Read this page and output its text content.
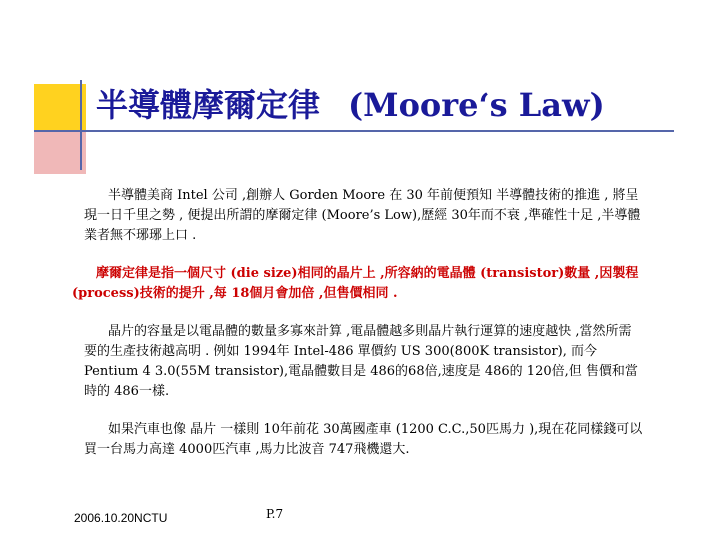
半導體摩爾定律 (Moore‘s Law)

半導體美商 Intel 公司 ,創辦人 Gorden Moore 在 30 年前便預知 半導體技術的推進 , 將呈現一日千里之勢 , 便提出所謂的摩爾定律 (Moore’s Low),歷經 30年而不衰 ,準確性十足 ,半導體業者無不琊琊上口 .

摩爾定律是指一個尺寸 (die size)相同的晶片上 ,所容納的電晶體 (transistor)數量 ,因製程 (process)技術的提升 ,每 18個月會加倍 ,但售價相同 .

晶片的容量是以電晶體的數量多寡來計算 ,電晶體越多則晶片執行運算的速度越快 ,當然所需要的生產技術越高明 . 例如 1994年 Intel-486 單價約 US 300(800K transistor), 而今 Pentium 4 3.0(55M transistor),電晶體數目是 486的68倍,速度是 486的 120倍,但 售價和當時的 486一樣.

如果汽車也像 晶片 一樣則 10年前花 30萬國產車 (1200 C.C.,50匹馬力 ),現在花同樣錢可以買一台馬力高達 4000匹汽車 ,馬力比波音 747飛機還大.

2006.10.20NCTU	P.7
